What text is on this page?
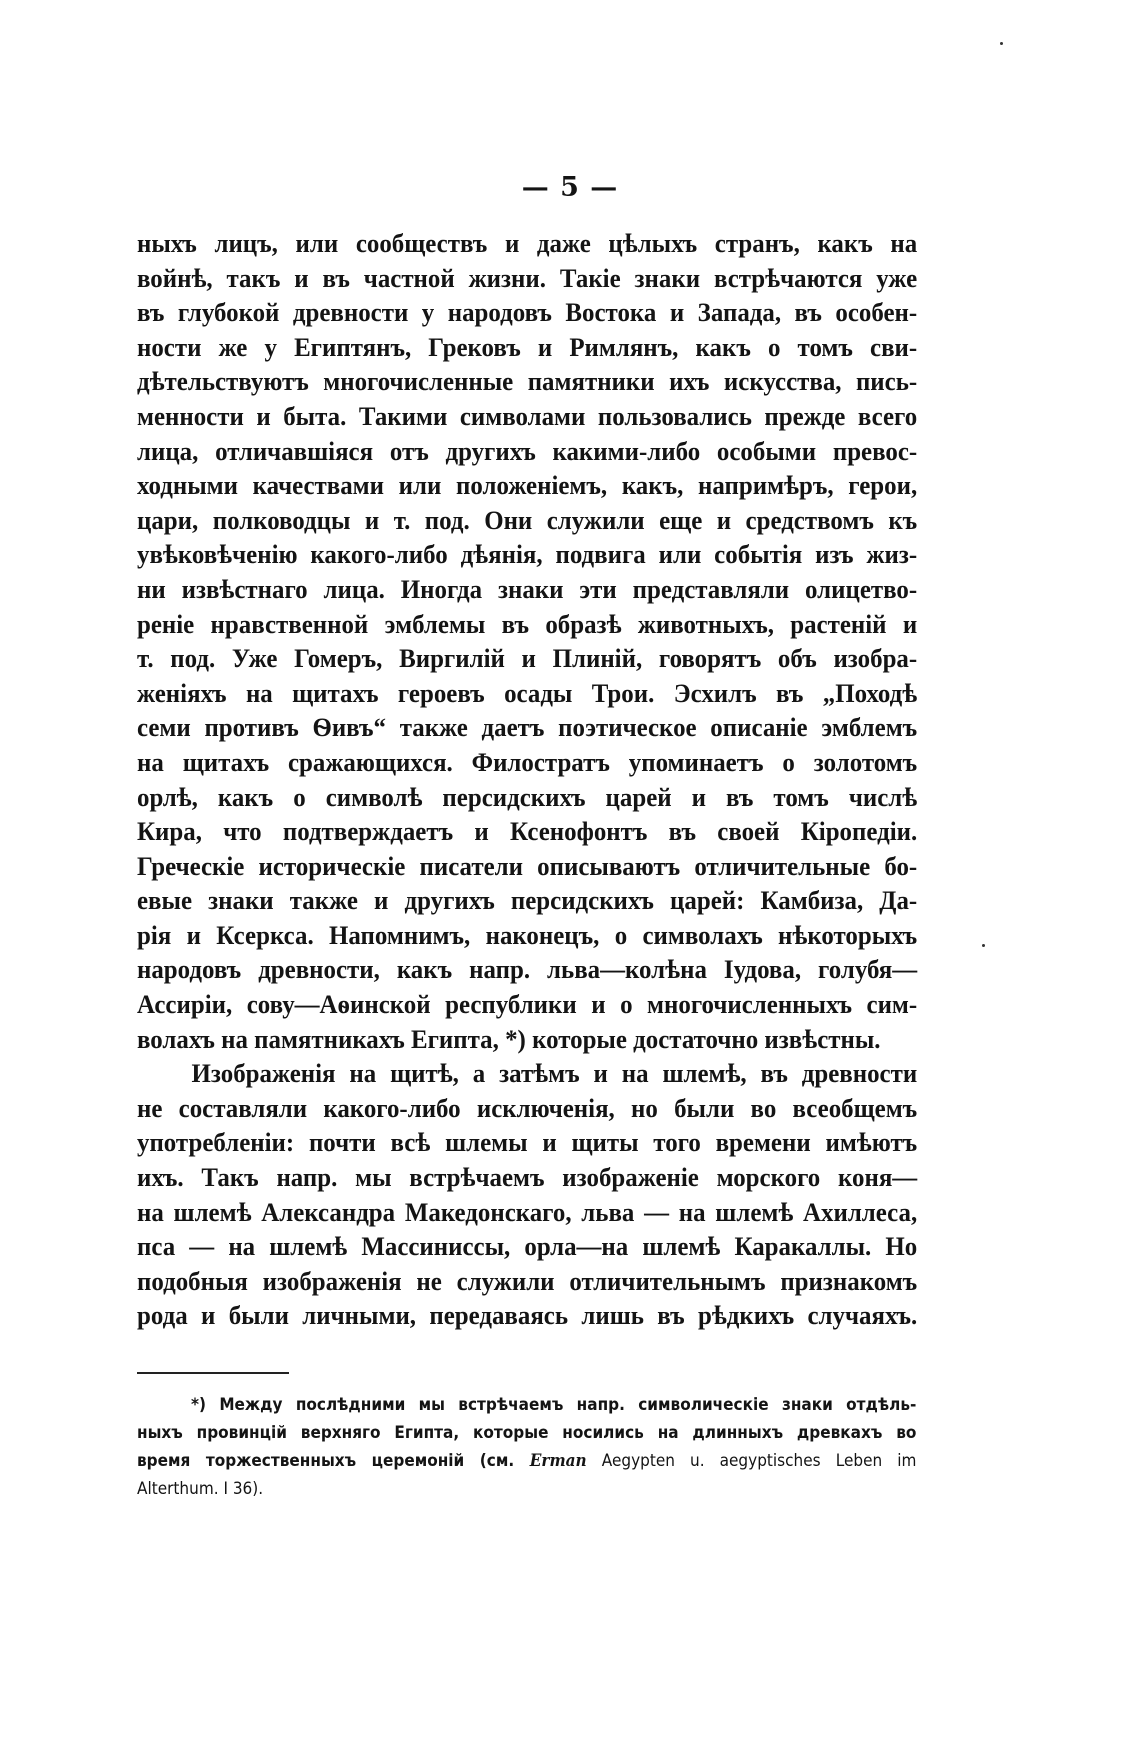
— 5 —
ныхъ лицъ, или сообществъ и даже цѣлыхъ странъ, какъ на
войнѣ, такъ и въ частной жизни. Такіе знаки встрѣчаются уже
въ глубокой древности у народовъ Востока и Запада, въ особен-
ности же у Египтянъ, Грековъ и Римлянъ, какъ о томъ сви-
дѣтельствуютъ многочисленные памятники ихъ искусства, пись-
менности и быта. Такими символами пользовались прежде всего
лица, отличавшіяся отъ другихъ какими-либо особыми превос-
ходными качествами или положеніемъ, какъ, напримѣръ, герои,
цари, полководцы и т. под. Они служили еще и средствомъ къ
увѣковѣченію какого-либо дѣянія, подвига или событія изъ жиз-
ни извѣстнаго лица. Иногда знаки эти представляли олицетво-
реніе нравственной эмблемы въ образѣ животныхъ, растеній и
т. под. Уже Гомеръ, Виргилій и Плиній, говорятъ объ изобра-
женіяхъ на щитахъ героевъ осады Трои. Эсхилъ въ „Походѣ
семи противъ Ѳивъ“ также даетъ поэтическое описаніе эмблемъ
на щитахъ сражающихся. Филостратъ упоминаетъ о золотомъ
орлѣ, какъ о символѣ персидскихъ царей и въ томъ числѣ
Кира, что подтверждаетъ и Ксенофонтъ въ своей Кіропедіи.
Греческіе историческіе писатели описываютъ отличительные бо-
евые знаки также и другихъ персидскихъ царей: Камбиза, Да-
рія и Ксеркса. Напомнимъ, наконецъ, о символахъ нѣкоторыхъ
народовъ древности, какъ напр. льва—колѣна Іудова, голубя—
Ассиріи, сову—Аѳинской республики и о многочисленныхъ сим-
волахъ на памятникахъ Египта, *) которые достаточно извѣстны.
Изображенія на щитѣ, а затѣмъ и на шлемѣ, въ древности
не составляли какого-либо исключенія, но были во всеобщемъ
употребленіи: почти всѣ шлемы и щиты того времени имѣютъ
ихъ. Такъ напр. мы встрѣчаемъ изображеніе морского коня—
на шлемѣ Александра Македонскаго, льва — на шлемѣ Ахиллеса,
пса — на шлемѣ Массиниссы, орла—на шлемѣ Каракаллы. Но
подобныя изображенія не служили отличительнымъ признакомъ
рода и были личными, передаваясь лишь въ рѣдкихъ случаяхъ.
*) Между послѣдними мы встрѣчаемъ напр. символическіе знаки отдѣль-
ныхъ провинцій верхняго Египта, которые носились на длинныхъ древкахъ во
время торжественныхъ церемоній (см. Erman Aegypten u. aegyptisches Leben im
Alterthum. I 36).
